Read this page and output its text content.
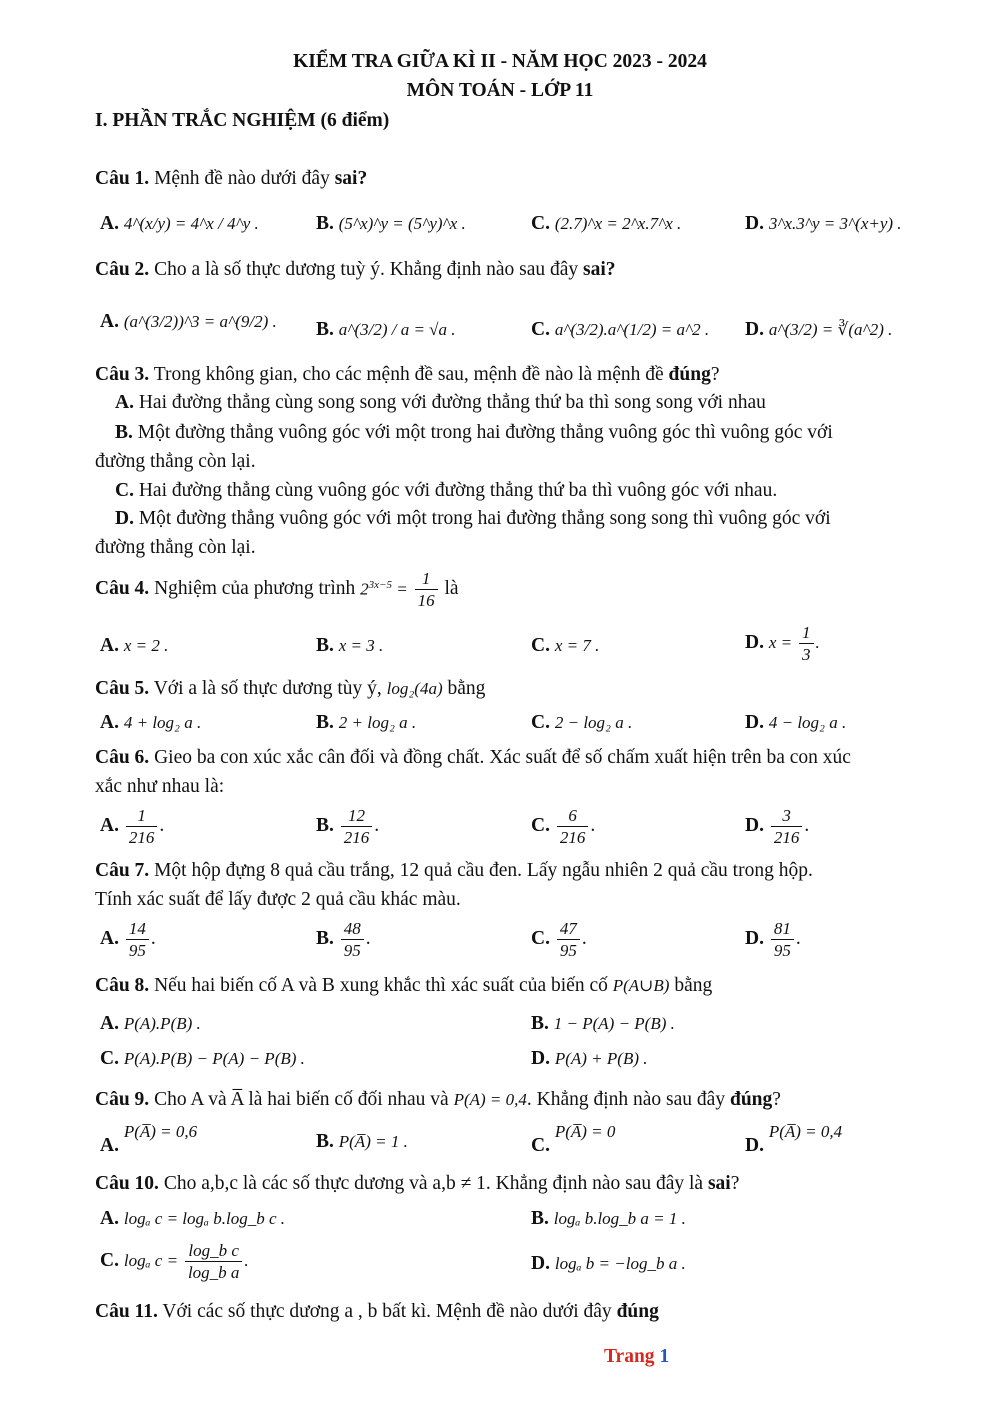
KIỂM TRA GIỮA KÌ II - NĂM HỌC 2023 - 2024
MÔN TOÁN - LỚP 11
I. PHẦN TRẮC NGHIỆM (6 điểm)
Câu 1. Mệnh đề nào dưới đây sai?
A. 4^(x/y) = 4^x / 4^y .	B. (5^x)^y = (5^y)^x .	C. (2.7)^x = 2^x.7^x .	D. 3^x.3^y = 3^(x+y) .
Câu 2. Cho a là số thực dương tuỳ ý. Khẳng định nào sau đây sai?
A. (a^(3/2))^3 = a^(9/2) . B. a^(3/2) / a = √a .	C. a^(3/2).a^(1/2) = a^2 . D. a^(3/2) = ∛(a^2) .
Câu 3. Trong không gian, cho các mệnh đề sau, mệnh đề nào là mệnh đề đúng?
A. Hai đường thẳng cùng song song với đường thẳng thứ ba thì song song với nhau
B. Một đường thẳng vuông góc với một trong hai đường thẳng vuông góc thì vuông góc với
đường thẳng còn lại.
C. Hai đường thẳng cùng vuông góc với đường thẳng thứ ba thì vuông góc với nhau.
D. Một đường thẳng vuông góc với một trong hai đường thẳng song song thì vuông góc với
đường thẳng còn lại.
Câu 4. Nghiệm của phương trình $2^{3x-5} = \frac{1}{16}$ là
A. x = 2 .	B. x = 3 .	C. x = 7 .	D. $x = \frac{1}{3}$ .
Câu 5. Với a là số thực dương tùy ý, log₂(4a) bằng
A. 4 + log₂ a .	B. 2 + log₂ a .	C. 2 − log₂ a .	D. 4 − log₂ a .
Câu 6. Gieo ba con xúc xắc cân đối và đồng chất. Xác suất để số chấm xuất hiện trên ba con xúc
xắc như nhau là:
A. $\frac{1}{216}$ .	B. $\frac{12}{216}$ .	C. $\frac{6}{216}$ .	D. $\frac{3}{216}$ .
Câu 7. Một hộp đựng 8 quả cầu trắng, 12 quả cầu đen. Lấy ngẫu nhiên 2 quả cầu trong hộp.
Tính xác suất để lấy được 2 quả cầu khác màu.
A. $\frac{14}{95}$ .	B. $\frac{48}{95}$ .	C. $\frac{47}{95}$ .	D. $\frac{81}{95}$ .
Câu 8. Nếu hai biến cố A và B xung khắc thì xác suất của biến cố P(A∪B) bằng
A. P(A).P(B) .	B. 1 − P(A) − P(B) .
C. P(A).P(B) − P(A) − P(B) .	D. P(A) + P(B) .
Câu 9. Cho A và A̅ là hai biến cố đối nhau và P(A) = 0,4. Khẳng định nào sau đây đúng?
A. P(A̅) = 0,6	B. P(A̅) = 1 .	C. P(A̅) = 0
D. P(A̅) = 0,4
Câu 10. Cho a,b,c là các số thực dương và a,b ≠ 1. Khẳng định nào sau đây là sai?
A. logₐ c = logₐ b.log_b c .	B. logₐ b.log_b a = 1 .
C. logₐ $c = \frac{\text{log\_b c}}{\text{log\_b a}}$ .	D. logₐ b = −log_b a .
Câu 11. Với các số thực dương a , b bất kì. Mệnh đề nào dưới đây đúng
Trang 1
